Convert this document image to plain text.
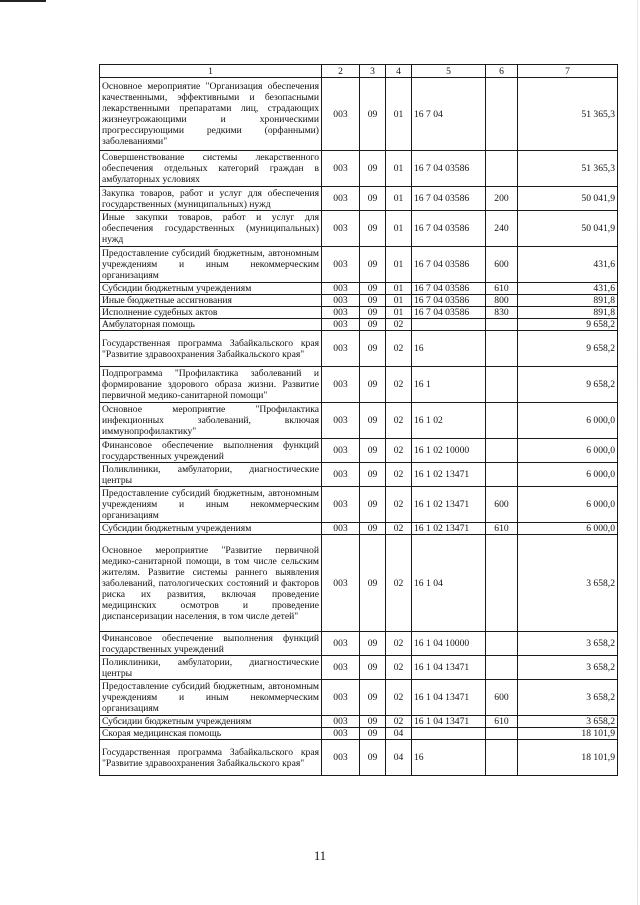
1	2	3	4	5	6	7
Основное мероприятие "Организация обеспечения качественными, эффективными и безопасными лекарственными препаратами лиц, страдающих жизнеугрожающими и хроническими прогрессирующими редкими (орфанными) заболеваниями"	003	09	01	16 7 04		51 365,3
Совершенствование системы лекарственного обеспечения отдельных категорий граждан в амбулаторных условиях	003	09	01	16 7 04 03586		51 365,3
Закупка товаров, работ и услуг для обеспечения государственных (муниципальных) нужд	003	09	01	16 7 04 03586	200	50 041,9
Иные закупки товаров, работ и услуг для обеспечения государственных (муниципальных) нужд	003	09	01	16 7 04 03586	240	50 041,9
Предоставление субсидий бюджетным, автономным учреждениям и иным некоммерческим организациям	003	09	01	16 7 04 03586	600	431,6
Субсидии бюджетным учреждениям	003	09	01	16 7 04 03586	610	431,6
Иные бюджетные ассигнования	003	09	01	16 7 04 03586	800	891,8
Исполнение судебных актов	003	09	01	16 7 04 03586	830	891,8
Амбулаторная помощь	003	09	02			9 658,2
Государственная программа Забайкальского края "Развитие здравоохранения Забайкальского края"	003	09	02	16		9 658,2
Подпрограмма "Профилактика заболеваний и формирование здорового образа жизни. Развитие первичной медико-санитарной помощи"	003	09	02	16 1		9 658,2
Основное мероприятие "Профилактика инфекционных заболеваний, включая иммунопрофилактику"	003	09	02	16 1 02		6 000,0
Финансовое обеспечение выполнения функций государственных учреждений	003	09	02	16 1 02 10000		6 000,0
Поликлиники, амбулатории, диагностические центры	003	09	02	16 1 02 13471		6 000,0
Предоставление субсидий бюджетным, автономным учреждениям и иным некоммерческим организациям	003	09	02	16 1 02 13471	600	6 000,0
Субсидии бюджетным учреждениям	003	09	02	16 1 02 13471	610	6 000,0
Основное мероприятие "Развитие первичной медико-санитарной помощи, в том числе сельским жителям. Развитие системы раннего выявления заболеваний, патологических состояний и факторов риска их развития, включая проведение медицинских осмотров и проведение диспансеризации населения, в том числе детей"	003	09	02	16 1 04		3 658,2
Финансовое обеспечение выполнения функций государственных учреждений	003	09	02	16 1 04 10000		3 658,2
Поликлиники, амбулатории, диагностические центры	003	09	02	16 1 04 13471		3 658,2
Предоставление субсидий бюджетным, автономным учреждениям и иным некоммерческим организациям	003	09	02	16 1 04 13471	600	3 658,2
Субсидии бюджетным учреждениям	003	09	02	16 1 04 13471	610	3 658,2
Скорая медицинская помощь	003	09	04			18 101,9
Государственная программа Забайкальского края "Развитие здравоохранения Забайкальского края"	003	09	04	16		18 101,9
11
